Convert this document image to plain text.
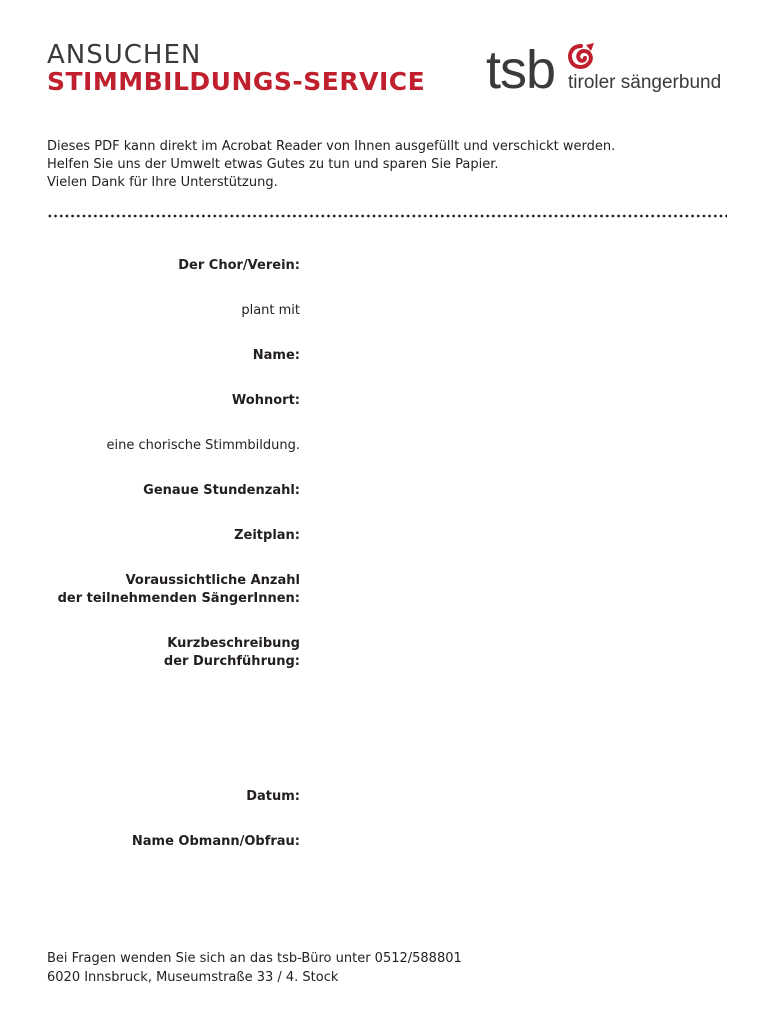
ANSUCHEN
STIMMBILDUNGS-SERVICE tsb tiroler sängerbund
Dieses PDF kann direkt im Acrobat Reader von Ihnen ausgefüllt und verschickt werden.
Helfen Sie uns der Umwelt etwas Gutes zu tun und sparen Sie Papier.
Vielen Dank für Ihre Unterstützung.
Der Chor/Verein:
plant mit
Name:
Wohnort:
eine chorische Stimmbildung.
Genaue Stundenzahl:
Zeitplan:
Voraussichtliche Anzahl
der teilnehmenden SängerInnen:
Kurzbeschreibung
der Durchführung:
Datum:
Name Obmann/Obfrau:
Bei Fragen wenden Sie sich an das tsb-Büro unter 0512/588801
6020 Innsbruck, Museumstraße 33 / 4. Stock
